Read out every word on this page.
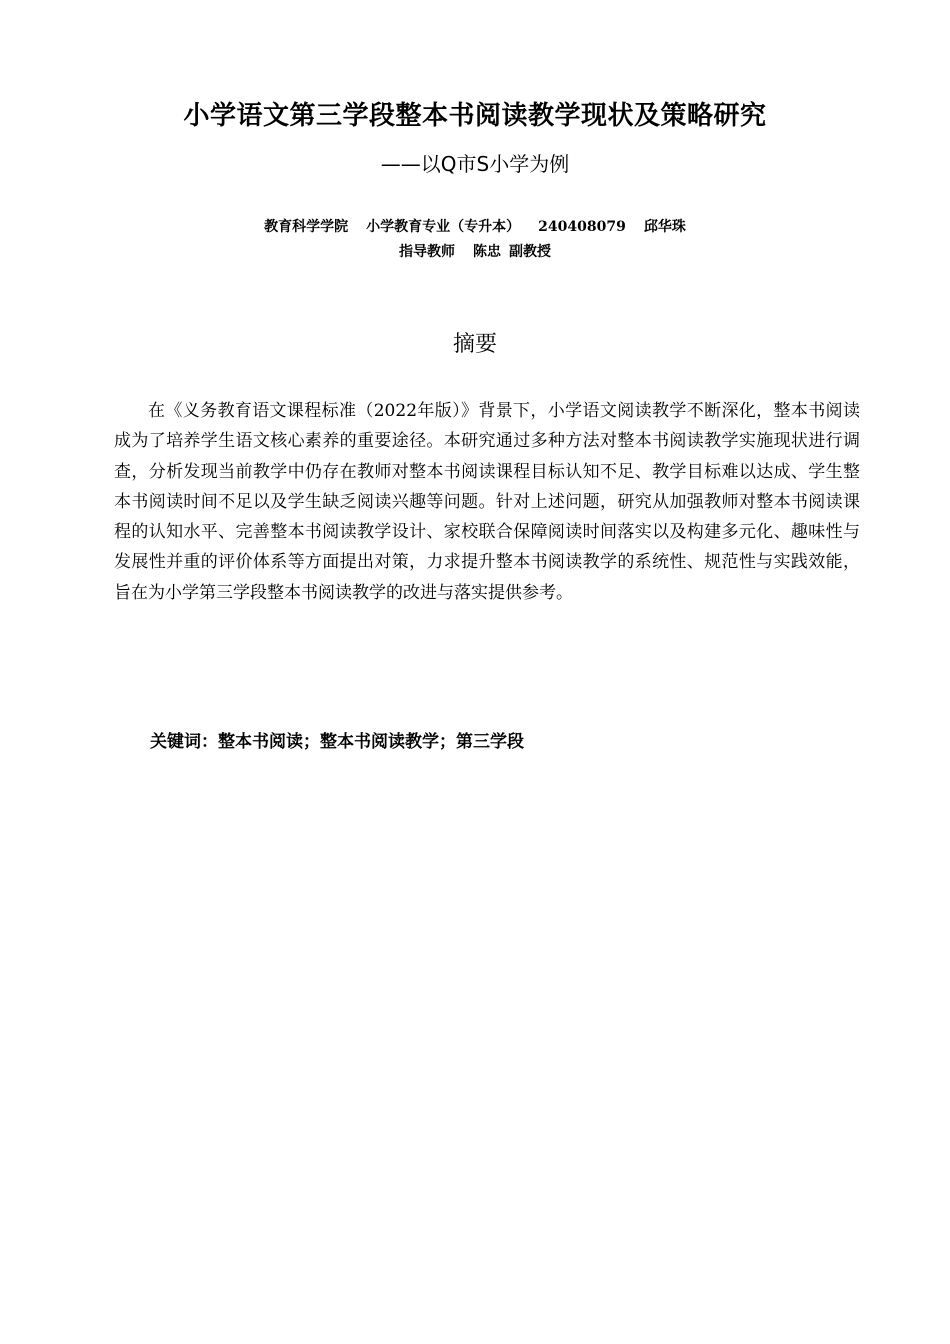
小学语文第三学段整本书阅读教学现状及策略研究
——以Q市S小学为例
教育科学学院 小学教育专业（专升本） 240408079 邱华珠
指导教师 陈忠 副教授
摘要

在《义务教育语文课程标准（2022年版）》背景下，小学语文阅读教学不断深化，整本书阅读成为了培养学生语文核心素养的重要途径。本研究通过多种方法对整本书阅读教学实施现状进行调查，分析发现当前教学中仍存在教师对整本书阅读课程目标认知不足、教学目标难以达成、学生整本书阅读时间不足以及学生缺乏阅读兴趣等问题。针对上述问题，研究从加强教师对整本书阅读课程的认知水平、完善整本书阅读教学设计、家校联合保障阅读时间落实以及构建多元化、趣味性与发展性并重的评价体系等方面提出对策，力求提升整本书阅读教学的系统性、规范性与实践效能，旨在为小学第三学段整本书阅读教学的改进与落实提供参考。

关键词：整本书阅读；整本书阅读教学；第三学段
